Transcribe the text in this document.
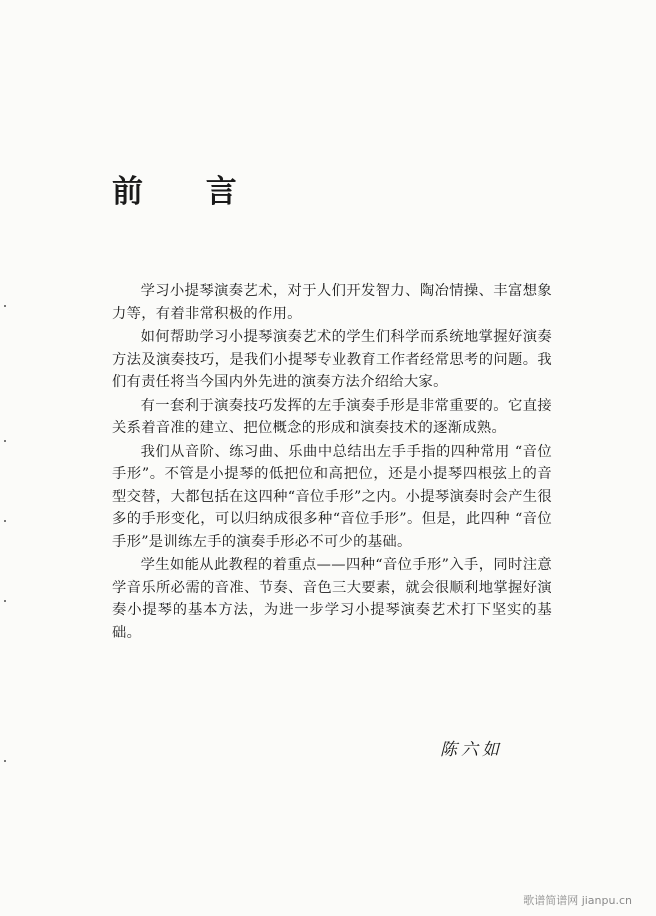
前 言

学习小提琴演奏艺术，对于人们开发智力、陶冶情操、丰富想象力等，有着非常积极的作用。

如何帮助学习小提琴演奏艺术的学生们科学而系统地掌握好演奏方法及演奏技巧，是我们小提琴专业教育工作者经常思考的问题。我们有责任将当今国内外先进的演奏方法介绍给大家。

有一套利于演奏技巧发挥的左手演奏手形是非常重要的。它直接关系着音准的建立、把位概念的形成和演奏技术的逐渐成熟。

我们从音阶、练习曲、乐曲中总结出左手手指的四种常用 “音位手形”。不管是小提琴的低把位和高把位，还是小提琴四根弦上的音型交替，大都包括在这四种“音位手形”之内。小提琴演奏时会产生很多的手形变化，可以归纳成很多种“音位手形”。但是，此四种 “音位手形”是训练左手的演奏手形必不可少的基础。

学生如能从此教程的着重点——四种“音位手形”入手，同时注意学音乐所必需的音准、节奏、音色三大要素，就会很顺利地掌握好演奏小提琴的基本方法，为进一步学习小提琴演奏艺术打下坚实的基础。

陈六如
歌谱简谱网 jianpu.cn
